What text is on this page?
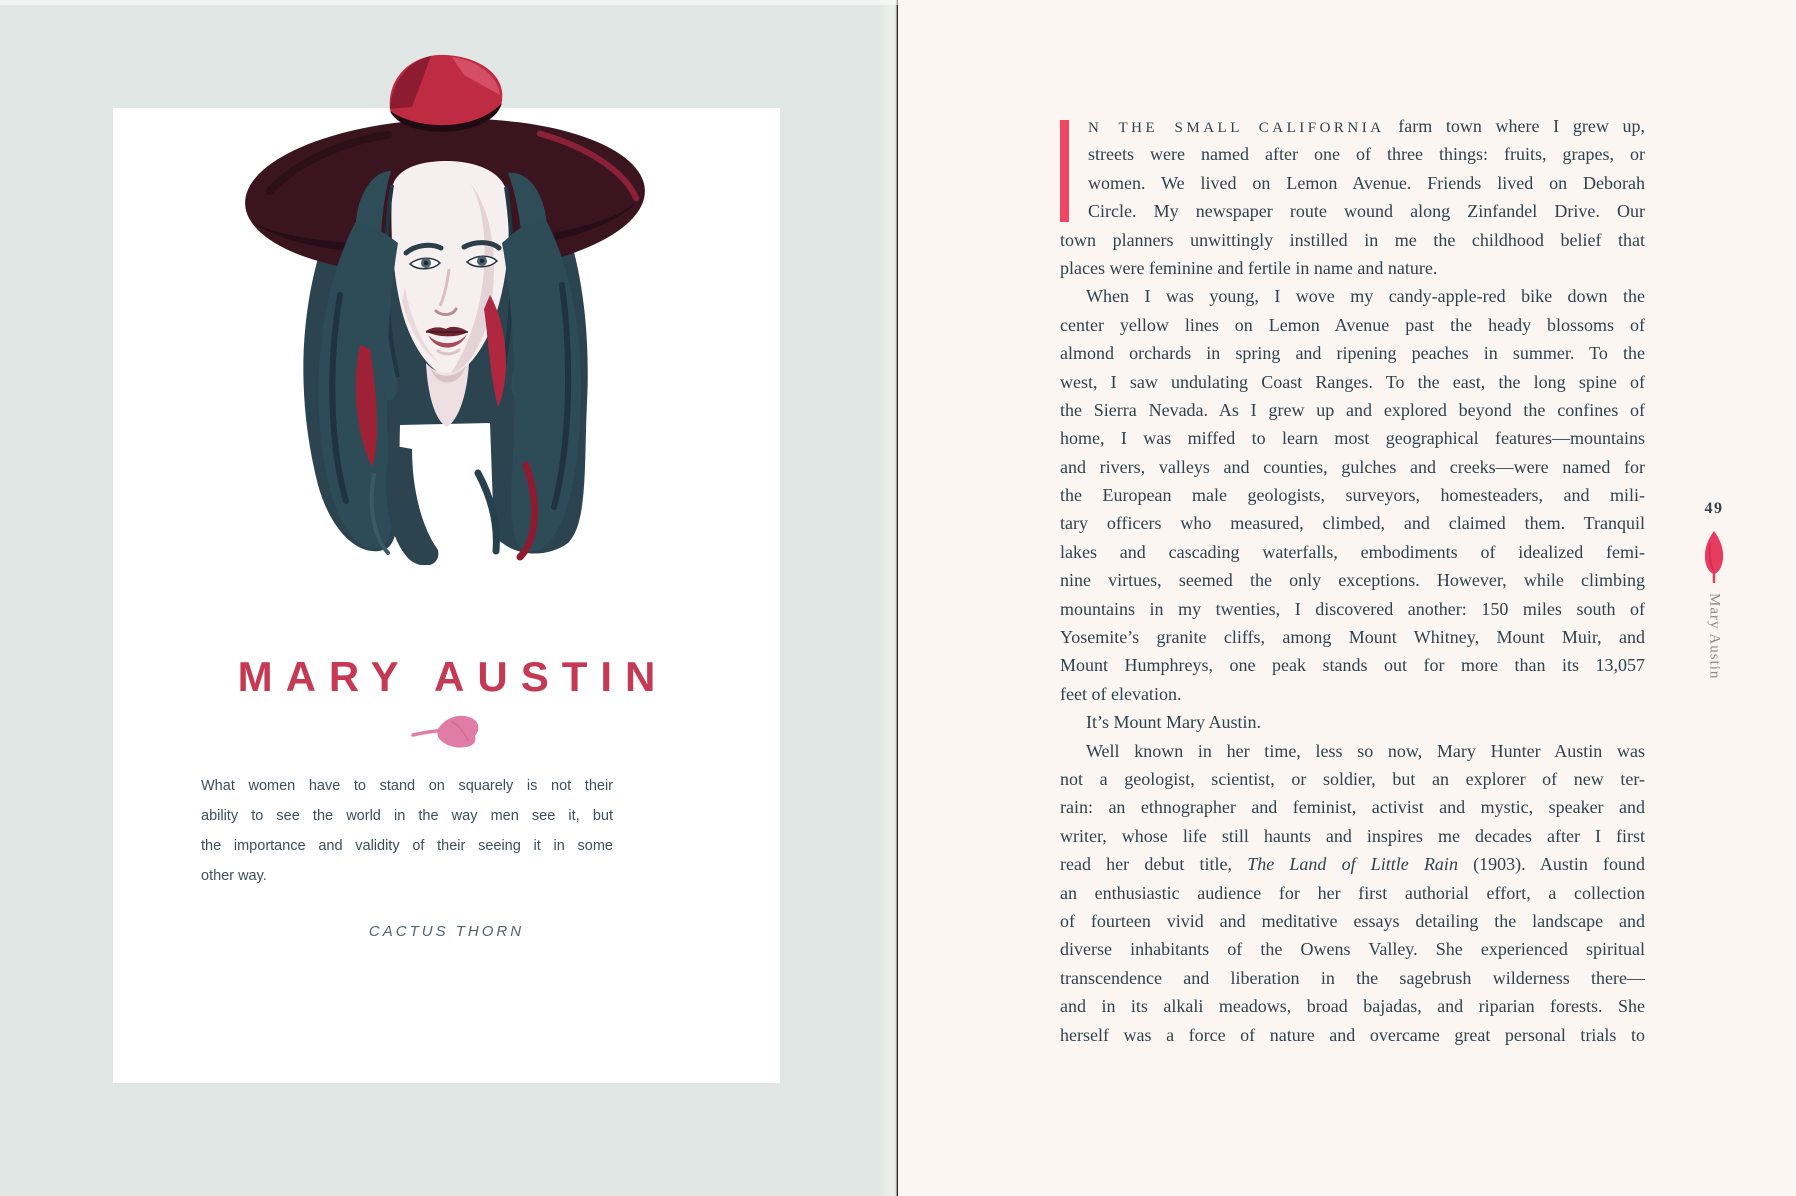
MARY AUSTIN
What women have to stand on squarely is not their
ability to see the world in the way men see it, but
the importance and validity of their seeing it in some
other way.
CACTUS THORN
N THE SMALL CALIFORNIA farm town where I grew up,
streets were named after one of three things: fruits, grapes, or
women. We lived on Lemon Avenue. Friends lived on Deborah
Circle. My newspaper route wound along Zinfandel Drive. Our
town planners unwittingly instilled in me the childhood belief that
places were feminine and fertile in name and nature.
When I was young, I wove my candy-apple-red bike down the
center yellow lines on Lemon Avenue past the heady blossoms of
almond orchards in spring and ripening peaches in summer. To the
west, I saw undulating Coast Ranges. To the east, the long spine of
the Sierra Nevada. As I grew up and explored beyond the confines of
home, I was miffed to learn most geographical features—mountains
and rivers, valleys and counties, gulches and creeks—were named for
the European male geologists, surveyors, homesteaders, and mili-
tary officers who measured, climbed, and claimed them. Tranquil
lakes and cascading waterfalls, embodiments of idealized femi-
nine virtues, seemed the only exceptions. However, while climbing
mountains in my twenties, I discovered another: 150 miles south of
Yosemite’s granite cliffs, among Mount Whitney, Mount Muir, and
Mount Humphreys, one peak stands out for more than its 13,057
feet of elevation.
It’s Mount Mary Austin.
Well known in her time, less so now, Mary Hunter Austin was
not a geologist, scientist, or soldier, but an explorer of new ter-
rain: an ethnographer and feminist, activist and mystic, speaker and
writer, whose life still haunts and inspires me decades after I first
read her debut title, The Land of Little Rain (1903). Austin found
an enthusiastic audience for her first authorial effort, a collection
of fourteen vivid and meditative essays detailing the landscape and
diverse inhabitants of the Owens Valley. She experienced spiritual
transcendence and liberation in the sagebrush wilderness there—
and in its alkali meadows, broad bajadas, and riparian forests. She
herself was a force of nature and overcame great personal trials to
49
Mary Austin
